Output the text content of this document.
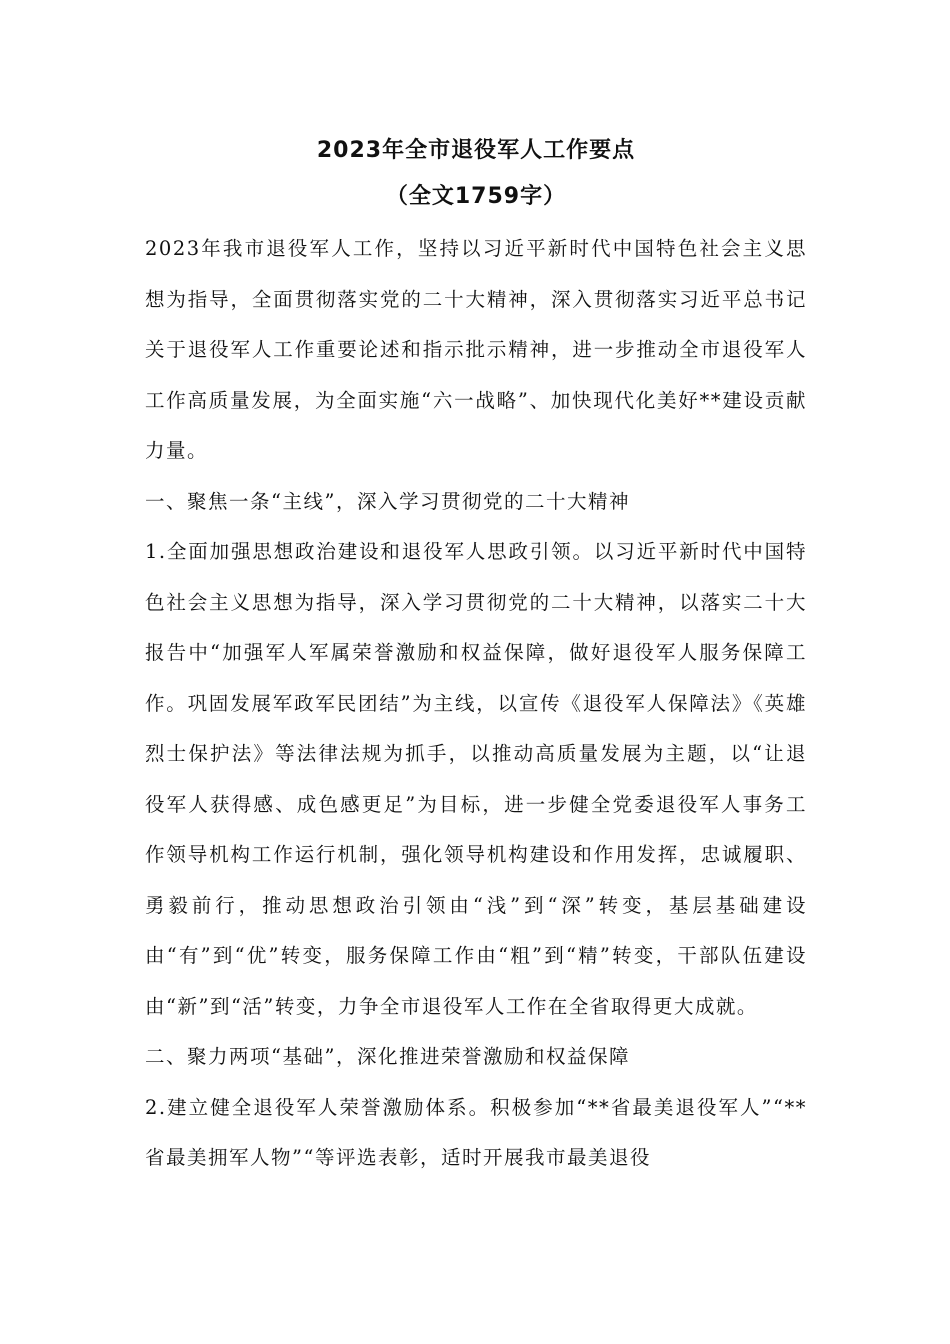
2023年全市退役军人工作要点
（全文1759字）

2023年我市退役军人工作，坚持以习近平新时代中国特色社会主义思想为指导，全面贯彻落实党的二十大精神，深入贯彻落实习近平总书记关于退役军人工作重要论述和指示批示精神，进一步推动全市退役军人工作高质量发展，为全面实施“六一战略”、加快现代化美好**建设贡献力量。

一、聚焦一条“主线”，深入学习贯彻党的二十大精神

1.全面加强思想政治建设和退役军人思政引领。以习近平新时代中国特色社会主义思想为指导，深入学习贯彻党的二十大精神，以落实二十大报告中“加强军人军属荣誉激励和权益保障，做好退役军人服务保障工作。巩固发展军政军民团结”为主线，以宣传《退役军人保障法》《英雄烈士保护法》等法律法规为抓手，以推动高质量发展为主题，以“让退役军人获得感、成色感更足”为目标，进一步健全党委退役军人事务工作领导机构工作运行机制，强化领导机构建设和作用发挥，忠诚履职、勇毅前行，推动思想政治引领由“浅”到“深”转变，基层基础建设由“有”到“优”转变，服务保障工作由“粗”到“精”转变，干部队伍建设由“新”到“活”转变，力争全市退役军人工作在全省取得更大成就。

二、聚力两项“基础”，深化推进荣誉激励和权益保障

2.建立健全退役军人荣誉激励体系。积极参加“**省最美退役军人”“**省最美拥军人物”“等评选表彰，适时开展我市最美退役
